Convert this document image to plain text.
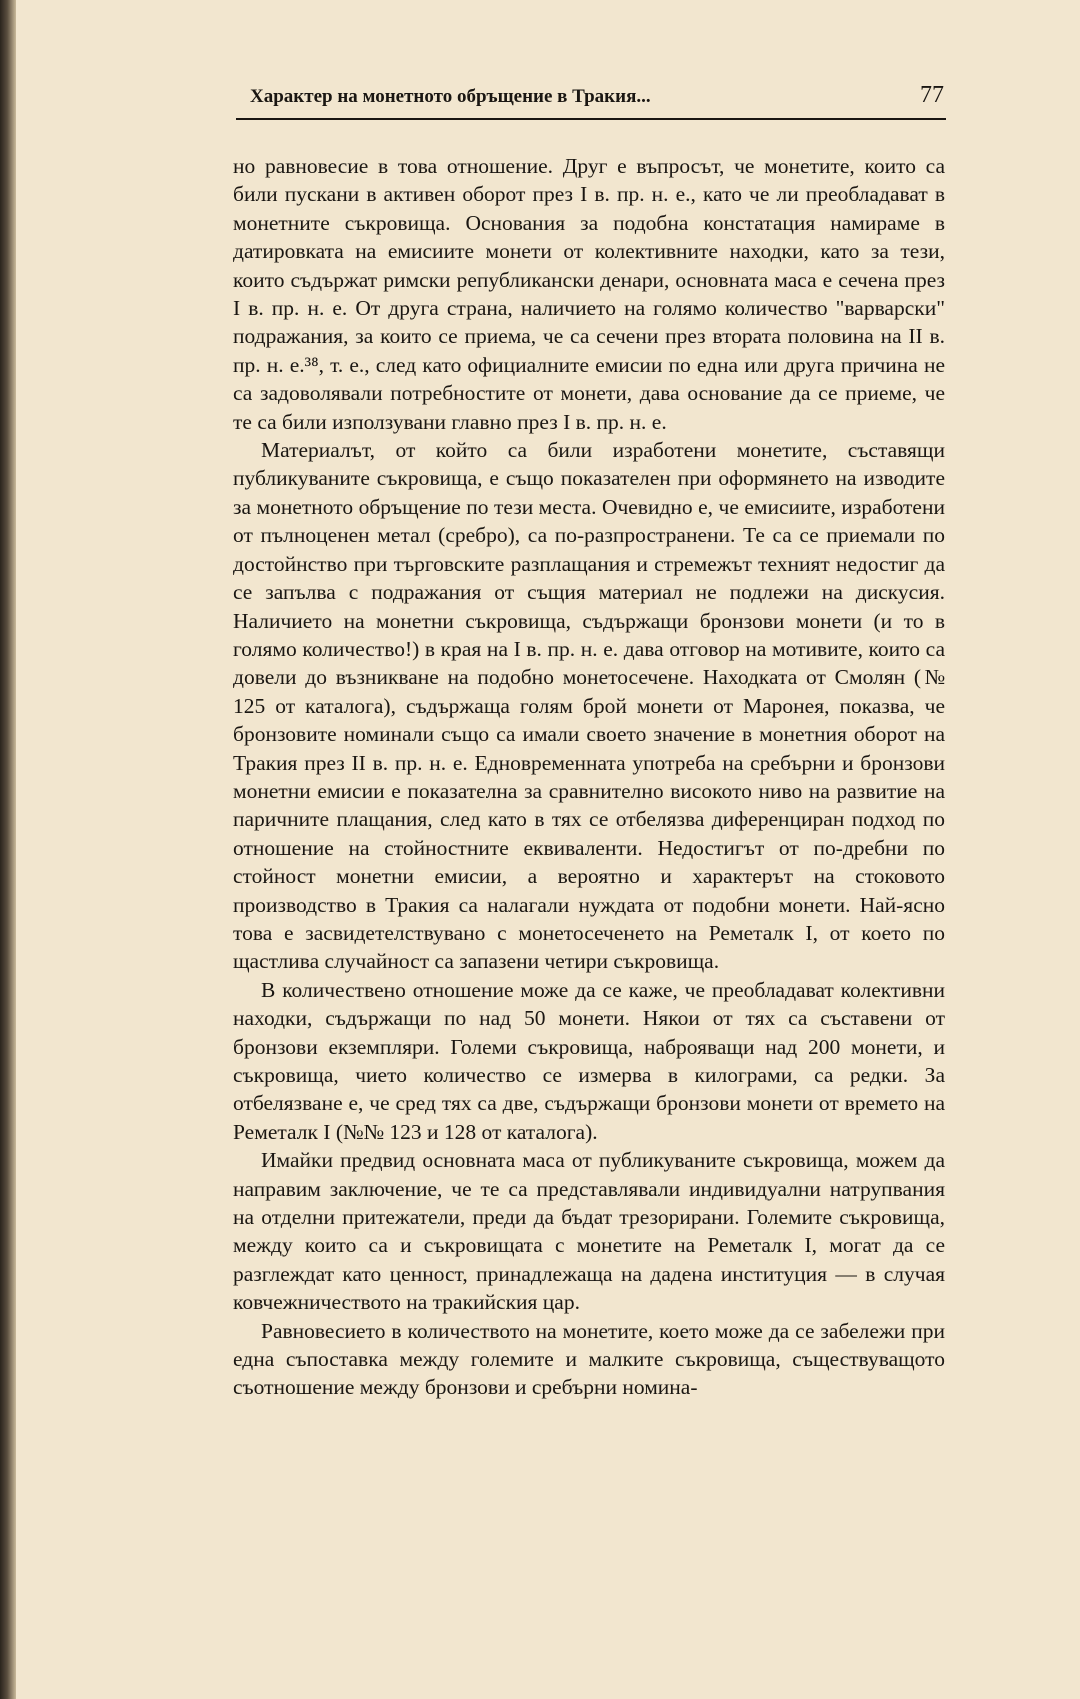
Характер на монетното обръщение в Тракия...	77

но равновесие в това отношение. Друг е въпросът, че монетите, които са били пускани в активен оборот през I в. пр. н. е., като че ли преобладават в монетните съкровища. Основания за подобна констатация намираме в датировката на емисиите монети от колективните находки, като за тези, които съдържат римски републикански денари, основната маса е сечена през I в. пр. н. е. От друга страна, наличието на голямо количество "варварски" подражания, за които се приема, че са сечени през втората половина на II в. пр. н. е.³⁸, т. е., след като официалните емисии по една или друга причина не са задоволявали потребностите от монети, дава основание да се приеме, че те са били използувани главно през I в. пр. н. е.

Материалът, от който са били изработени монетите, съставящи публикуваните съкровища, е също показателен при оформянето на изводите за монетното обръщение по тези места. Очевидно е, че емисиите, изработени от пълноценен метал (сребро), са по-разпространени. Те са се приемали по достойнство при търговските разплащания и стремежът техният недостиг да се запълва с подражания от същия материал не подлежи на дискусия. Наличието на монетни съкровища, съдържащи бронзови монети (и то в голямо количество!) в края на I в. пр. н. е. дава отговор на мотивите, които са довели до възникване на подобно монетосечене. Находката от Смолян (№ 125 от каталога), съдържаща голям брой монети от Маронея, показва, че бронзовите номинали също са имали своето значение в монетния оборот на Тракия през II в. пр. н. е. Едновременната употреба на сребърни и бронзови монетни емисии е показателна за сравнително високото ниво на развитие на паричните плащания, след като в тях се отбелязва диференциран подход по отношение на стойностните еквиваленти. Недостигът от по-дребни по стойност монетни емисии, а вероятно и характерът на стоковото производство в Тракия са налагали нуждата от подобни монети. Най-ясно това е засвидетелствувано с монетосеченето на Реметалк I, от което по щастлива случайност са запазени четири съкровища.

В количествено отношение може да се каже, че преобладават колективни находки, съдържащи по над 50 монети. Някои от тях са съставени от бронзови екземпляри. Големи съкровища, наброяващи над 200 монети, и съкровища, чието количество се измерва в килограми, са редки. За отбелязване е, че сред тях са две, съдържащи бронзови монети от времето на Реметалк I (№№ 123 и 128 от каталога).

Имайки предвид основната маса от публикуваните съкровища, можем да направим заключение, че те са представлявали индивидуални натрупвания на отделни притежатели, преди да бъдат трезорирани. Големите съкровища, между които са и съкровищата с монетите на Реметалк I, могат да се разглеждат като ценност, принадлежаща на дадена институция — в случая ковчежничеството на тракийския цар.

Равновесието в количеството на монетите, което може да се забележи при една съпоставка между големите и малките съкровища, съществуващото съотношение между бронзови и сребърни номина-
